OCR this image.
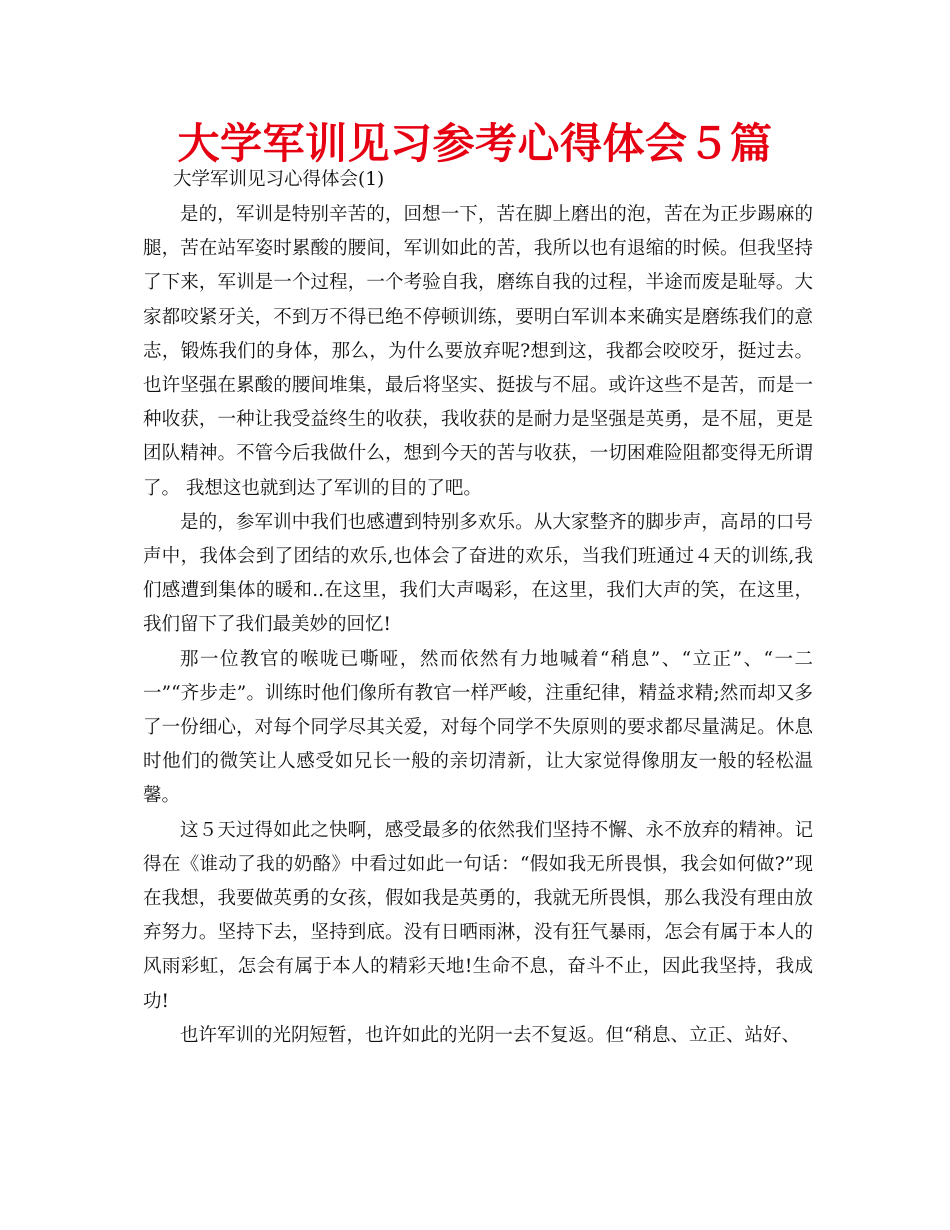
大学军训见习参考心得体会５篇

大学军训见习心得体会(1)

是的，军训是特别辛苦的，回想一下，苦在脚上磨出的泡，苦在为正步踢麻的腿，苦在站军姿时累酸的腰间，军训如此的苦，我所以也有退缩的时候。但我坚持了下来，军训是一个过程，一个考验自我，磨练自我的过程，半途而废是耻辱。大家都咬紧牙关，不到万不得已绝不停顿训练，要明白军训本来确实是磨练我们的意志，锻炼我们的身体，那么，为什么要放弃呢?想到这，我都会咬咬牙，挺过去。也许坚强在累酸的腰间堆集，最后将坚实、挺拔与不屈。或许这些不是苦，而是一种收获，一种让我受益终生的收获，我收获的是耐力是坚强是英勇，是不屈，更是团队精神。不管今后我做什么，想到今天的苦与收获，一切困难险阻都变得无所谓了。 我想这也就到达了军训的目的了吧。

是的，参军训中我们也感遭到特别多欢乐。从大家整齐的脚步声，高昂的口号声中，我体会到了团结的欢乐,也体会了奋进的欢乐，当我们班通过４天的训练,我们感遭到集体的暖和..在这里，我们大声喝彩，在这里，我们大声的笑，在这里，我们留下了我们最美妙的回忆!

那一位教官的喉咙已嘶哑，然而依然有力地喊着“稍息”、“立正”、“一二一”“齐步走”。训练时他们像所有教官一样严峻，注重纪律，精益求精;然而却又多了一份细心，对每个同学尽其关爱，对每个同学不失原则的要求都尽量满足。休息时他们的微笑让人感受如兄长一般的亲切清新，让大家觉得像朋友一般的轻松温馨。

这５天过得如此之快啊，感受最多的依然我们坚持不懈、永不放弃的精神。记得在《谁动了我的奶酪》中看过如此一句话：“假如我无所畏惧，我会如何做?”现在我想，我要做英勇的女孩，假如我是英勇的，我就无所畏惧，那么我没有理由放弃努力。坚持下去，坚持到底。没有日晒雨淋，没有狂气暴雨，怎会有属于本人的风雨彩虹，怎会有属于本人的精彩天地!生命不息，奋斗不止，因此我坚持，我成功!

也许军训的光阴短暂，也许如此的光阴一去不复返。但“稍息、立正、站好、
